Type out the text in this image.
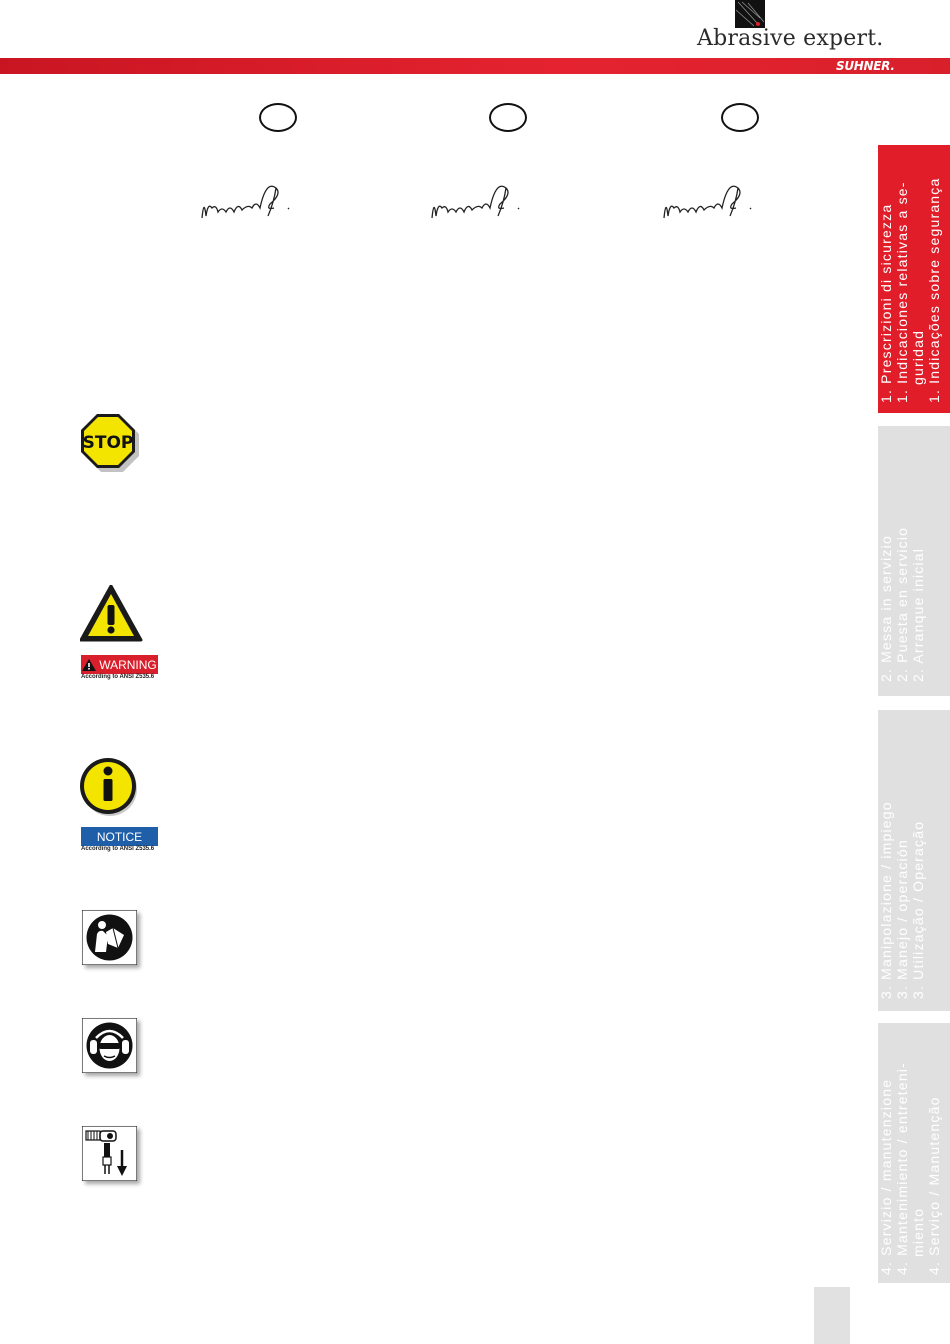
Abrasive expert.
SUHNER.
STOP
WARNING
According to ANSI Z535.6
NOTICE
According to ANSI Z535.6
1. Prescrizioni di sicurezza 1. Indicaciones relativas a se- guridad 1. Indicações sobre segurança
2. Messa in servizio 2. Puesta en servicio 2. Arranque inicial
3. Manipolazione / impiego 3. Manejo / operación 3. Utilização / Operação
4. Servizio / manutenzione 4. Mantenimiento / entreteni- miento 4. Serviço / Manutenção
